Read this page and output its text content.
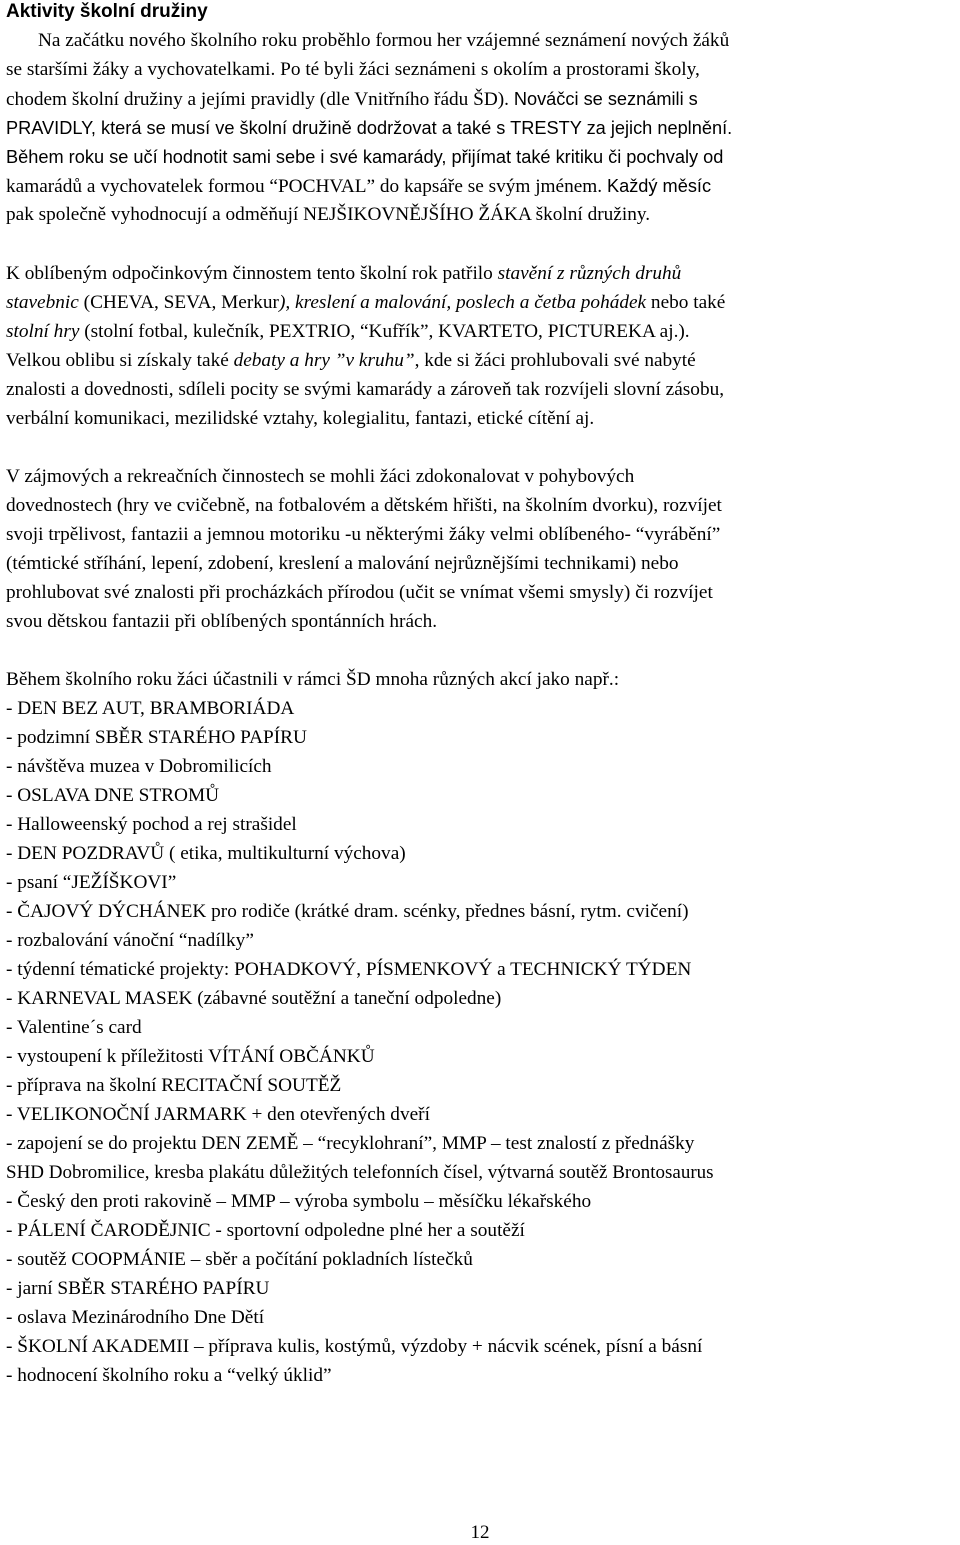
Aktivity školní družiny
Na začátku nového školního roku proběhlo formou her vzájemné seznámení nových žáků
se staršími žáky a vychovatelkami. Po té byli žáci seznámeni s okolím a prostorami školy,
chodem školní družiny a jejími pravidly (dle Vnitřního řádu ŠD). Nováčci se seznámili s
PRAVIDLY, která se musí ve školní družině dodržovat a také s TRESTY za jejich neplnění.
Během roku se učí hodnotit sami sebe i své kamarády, přijímat také kritiku či pochvaly od
kamarádů a vychovatelek formou “POCHVAL” do kapsáře se svým jménem. Každý měsíc
pak společně vyhodnocují a odměňují NEJŠIKOVNĚJŠÍHO ŽÁKA školní družiny.
K oblíbeným odpočinkovým činnostem tento školní rok patřilo stavění z různých druhů
stavebnic (CHEVA, SEVA, Merkur), kreslení a malování, poslech a četba pohádek nebo také
stolní hry (stolní fotbal, kulečník, PEXTRIO, “Kufřík”, KVARTETO, PICTUREKA aj.).
Velkou oblibu si získaly také debaty a hry ”v kruhu”, kde si žáci prohlubovali své nabyté
znalosti a dovednosti, sdíleli pocity se svými kamarády a zároveň tak rozvíjeli slovní zásobu,
verbální komunikaci, mezilidské vztahy, kolegialitu, fantazi, etické cítění aj.
V zájmových a rekreačních činnostech se mohli žáci zdokonalovat v pohybových
dovednostech (hry ve cvičebně, na fotbalovém a dětském hřišti, na školním dvorku), rozvíjet
svoji trpělivost, fantazii a jemnou motoriku -u některými žáky velmi oblíbeného- “vyrábění”
(témtické stříhání, lepení, zdobení, kreslení a malování nejrůznějšími technikami) nebo
prohlubovat své znalosti při procházkách přírodou (učit se vnímat všemi smysly) či rozvíjet
svou dětskou fantazii při oblíbených spontánních hrách.
Během školního roku žáci účastnili v rámci ŠD mnoha různých akcí jako např.:
- DEN BEZ AUT, BRAMBORIÁDA
- podzimní SBĚR STARÉHO PAPÍRU
- návštěva muzea v Dobromilicích
- OSLAVA DNE STROMŮ
- Halloweenský pochod a rej strašidel
- DEN POZDRAVŮ ( etika, multikulturní výchova)
- psaní “JEŽÍŠKOVI”
- ČAJOVÝ DÝCHÁNEK pro rodiče (krátké dram. scénky, přednes básní, rytm. cvičení)
- rozbalování vánoční “nadílky”
- týdenní tématické projekty: POHADKOVÝ, PÍSMENKOVÝ a TECHNICKÝ TÝDEN
- KARNEVAL MASEK (zábavné soutěžní a taneční odpoledne)
- Valentine´s card
- vystoupení k příležitosti VÍTÁNÍ OBČÁNKŮ
- přípravа na školní RECITAČNÍ SOUTĚŽ
- VELIKONOČNÍ JARMARK + den otevřených dveří
- zapojení se do projektu DEN ZEMĚ – “recyklohraní”, MMP – test znalostí z přednášky
SHD Dobromilice, kresba plakátu důležitých telefonních čísel, výtvarná soutěž Brontosaurus
- Český den proti rakovině – MMP – výroba symbolu – měsíčku lékařského
- PÁLENÍ ČARODĚJNIC - sportovní odpoledne plné her a soutěží
- soutěž COOPMÁNIE – sběr a počítání pokladních lístečků
- jarní SBĚR STARÉHO PAPÍRU
- oslava Mezinárodního Dne Dětí
- ŠKOLNÍ AKADEMII – příprava kulis, kostýmů, výzdoby + nácvik scének, písní a básní
- hodnocení školního roku a “velký úklid”
12
